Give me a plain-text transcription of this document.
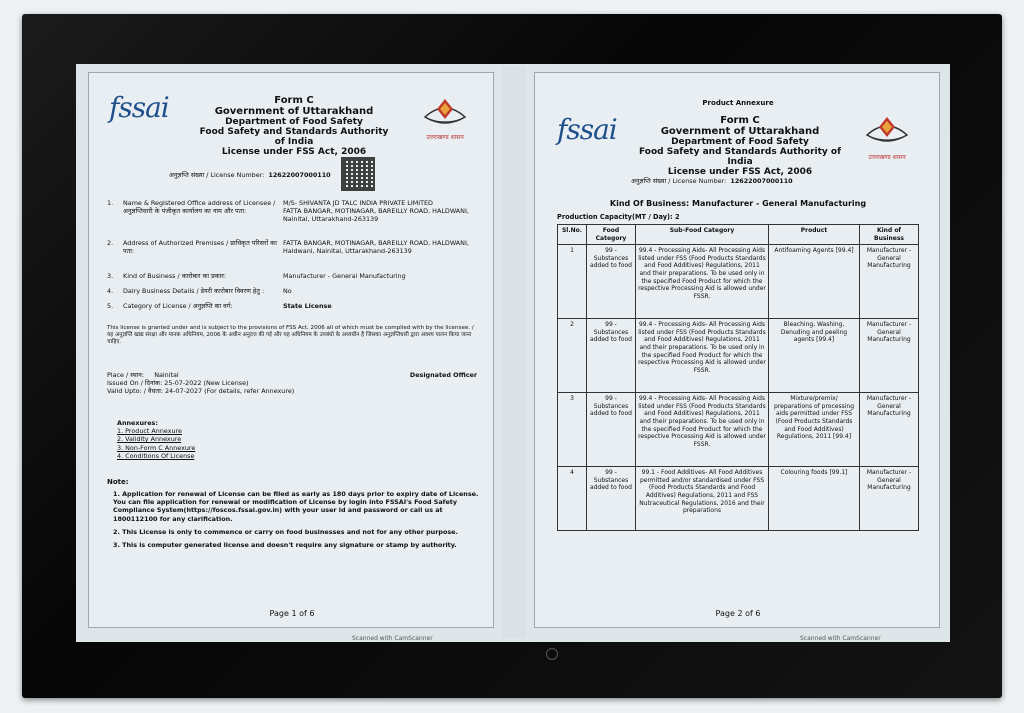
fssai	Form C
Government of Uttarakhand
Department of Food Safety
Food Safety and Standards Authority of India
License under FSS Act, 2006
उत्तराखण्ड शासन
अनुज्ञप्ति संख्या / License Number: 12622007000110
1.	Name & Registered Office address of Licensee / अनुज्ञप्तिधारी के पंजीकृत कार्यालय का नाम और पता:
M/S- SHIVANTA JD TALC INDIA PRIVATE LIMITED
FATTA BANGAR, MOTINAGAR, BAREILLY ROAD, HALDWANI, Nainital, Uttarakhand-263139
2.	Address of Authorized Premises / प्राधिकृत परिसरों का पता:
FATTA BANGAR, MOTINAGAR, BAREILLY ROAD, HALDWANI, Haldwani, Nainital, Uttarakhand-263139
3.	Kind of Business / कारोबार का प्रकार:	Manufacturer - General Manufacturing
4.	Dairy Business Details / डेयरी कारोबार विवरण हेतु :	No
5.	Category of License / अनुज्ञप्ति का वर्ग:	State License
This license is granted under and is subject to the provisions of FSS Act, 2006 all of which must be complied with by the licensee. / यह अनुज्ञप्ति खाद्य संरक्षा और मानक अधिनियम, 2006 के अधीन अनुदत्त की गई और यह अधिनियम के उपबंधो के अध्यधीन है जिसका अनुज्ञप्तिधारी द्वारा अवश्य पालन किया जाना चाहिए.
Place / स्थान: Nainital	Designated Officer
Issued On / दिनांक: 25-07-2022 (New License)
Valid Upto: / वैधता: 24-07-2027 (For details, refer Annexure)
Annexures:
1. Product Annexure
2. Validity Annexure
3. Non-Form C Annexure
4. Conditions Of License
Note:
1. Application for renewal of License can be filed as early as 180 days prior to expiry date of License. You can file application for renewal or modification of License by login into FSSAI's Food Safety Compliance System(https://foscos.fssai.gov.in) with your user id and password or call us at 1800112100 for any clarification.
2. This License is only to commence or carry on food businesses and not for any other purpose.
3. This is computer generated license and doesn't require any signature or stamp by authority.
Page 1 of 6
Scanned with CamScanner
Product Annexure
fssai	Form C
Government of Uttarakhand
Department of Food Safety
Food Safety and Standards Authority of India
License under FSS Act, 2006
उत्तराखण्ड शासन
अनुज्ञप्ति संख्या / License Number: 12622007000110
Kind Of Business: Manufacturer - General Manufacturing
Production Capacity(MT / Day): 2
Sl.No.	Food Category	Sub-Food Category	Product	Kind of Business
1	99 - Substances added to food	99.4 - Processing Aids- All Processing Aids listed under FSS (Food Products Standards and Food Additives) Regulations, 2011 and their preparations. To be used only in the specified Food Product for which the respective Processing Aid is allowed under FSSR.	Antifoaming Agents [99.4]	Manufacturer - General Manufacturing
2	99 - Substances added to food	99.4 - Processing Aids- All Processing Aids listed under FSS (Food Products Standards and Food Additives) Regulations, 2011 and their preparations. To be used only in the specified Food Product for which the respective Processing Aid is allowed under FSSR.	Bleaching, Washing, Denuding and peeling agents [99.4]	Manufacturer - General Manufacturing
3	99 - Substances added to food	99.4 - Processing Aids- All Processing Aids listed under FSS (Food Products Standards and Food Additives) Regulations, 2011 and their preparations. To be used only in the specified Food Product for which the respective Processing Aid is allowed under FSSR.	Mixture/premix/ preparations of processing aids permitted under FSS (Food Products Standards and Food Additives) Regulations, 2011 [99.4]	Manufacturer - General Manufacturing
4	99 - Substances added to food	99.1 - Food Additives- All Food Additives permitted and/or standardised under FSS (Food Products Standards and Food Additives) Regulations, 2011 and FSS Nutraceutical Regulations, 2016 and their preparations	Colouring foods [99.1]	Manufacturer - General Manufacturing
Page 2 of 6
Scanned with CamScanner
